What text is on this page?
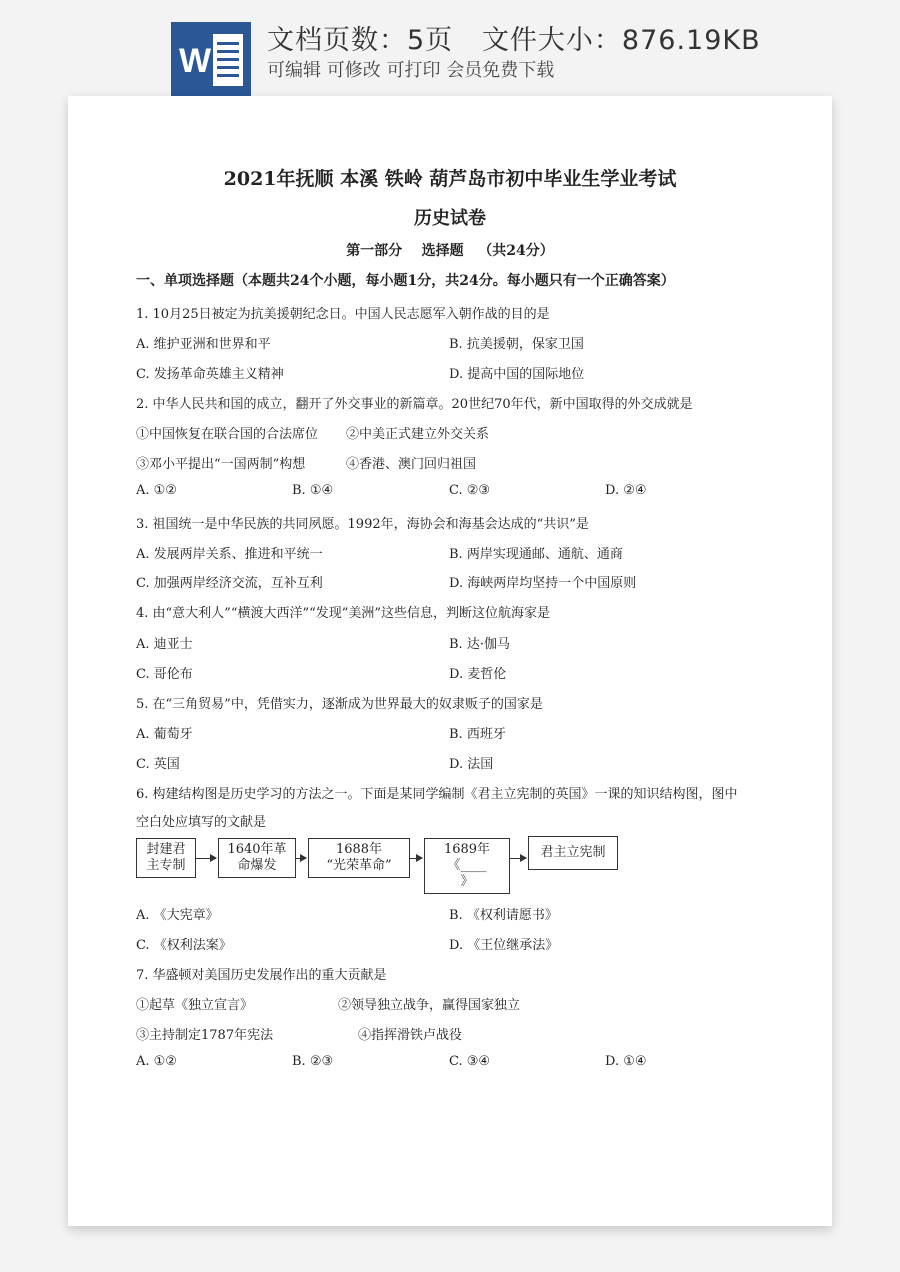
W
文档页数：5页 文件大小：876.19KB
可编辑 可修改 可打印 会员免费下载
2021年抚顺 本溪 铁岭 葫芦岛市初中毕业生学业考试
历史试卷
第一部分    选择题   （共24分）
一、单项选择题（本题共24个小题，每小题1分，共24分。每小题只有一个正确答案）
1. 10月25日被定为抗美援朝纪念日。中国人民志愿军入朝作战的目的是
A. 维护亚洲和世界和平	B. 抗美援朝，保家卫国
C. 发扬革命英雄主义精神	D. 提高中国的国际地位
2. 中华人民共和国的成立，翻开了外交事业的新篇章。20世纪70年代，新中国取得的外交成就是
①中国恢复在联合国的合法席位 ②中美正式建立外交关系
③邓小平提出“一国两制”构想	④香港、澳门回归祖国
A. ①②	B. ①④	C. ②③	D. ②④
3. 祖国统一是中华民族的共同夙愿。1992年，海协会和海基会达成的“共识”是
A. 发展两岸关系、推进和平统一	B. 两岸实现通邮、通航、通商
C. 加强两岸经济交流，互补互利	D. 海峡两岸均坚持一个中国原则
4. 由“意大利人”“横渡大西洋”“发现”美洲”这些信息，判断这位航海家是
A. 迪亚士	B. 达·伽马
C. 哥伦布	D. 麦哲伦
5. 在“三角贸易”中，凭借实力，逐渐成为世界最大的奴隶贩子的国家是
A. 葡萄牙	B. 西班牙
C. 英国	D. 法国
6. 构建结构图是历史学习的方法之一。下面是某同学编制《君主立宪制的英国》一课的知识结构图，图中
空白处应填写的文献是
封建君
主专制
1640年革
命爆发
1688年
“光荣革命”
1689年
《____
》
君主立宪制
A. 《大宪章》	B. 《权利请愿书》
C. 《权利法案》	D. 《王位继承法》
7. 华盛顿对美国历史发展作出的重大贡献是
①起草《独立宣言》	②领导独立战争，赢得国家独立
③主持制定1787年宪法	④指挥滑铁卢战役
A. ①②	B. ②③	C. ③④	D. ①④
